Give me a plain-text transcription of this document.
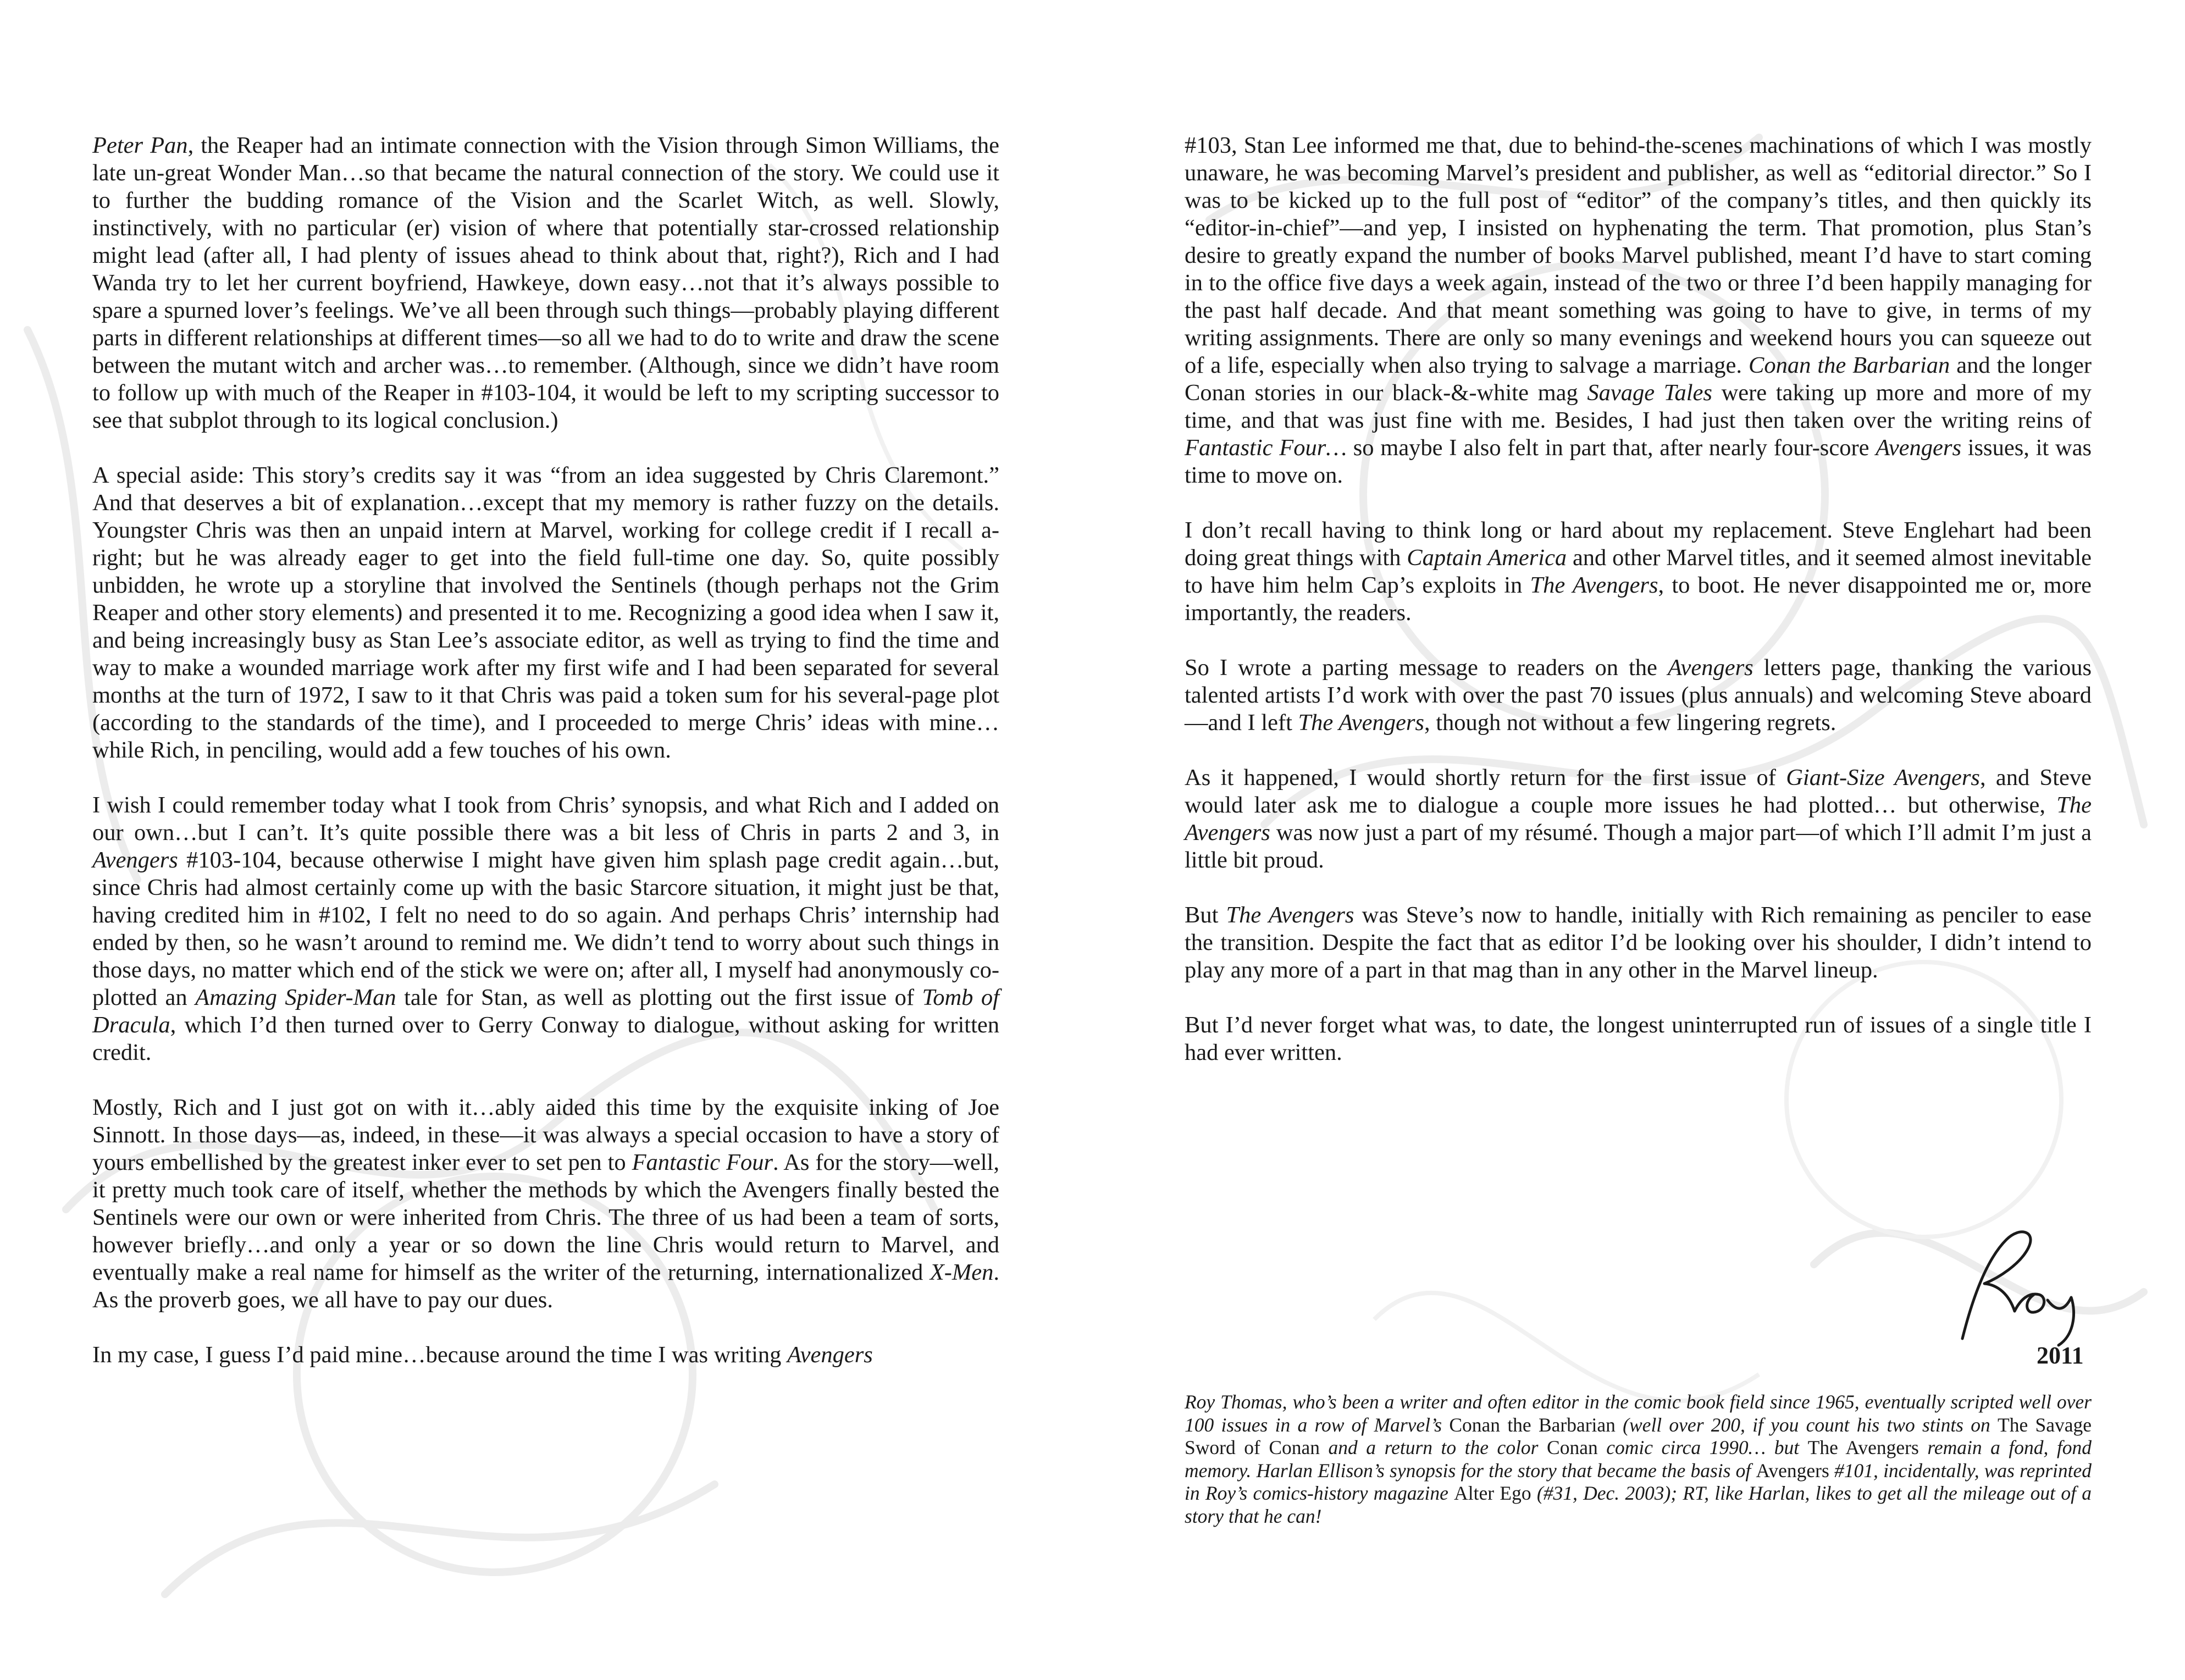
Peter Pan, the Reaper had an intimate connection with the Vision through Simon Williams, the late un-great Wonder Man…so that became the natural connection of the story. We could use it to further the budding romance of the Vision and the Scarlet Witch, as well. Slowly, instinctively, with no particular (er) vision of where that potentially star-crossed relationship might lead (after all, I had plenty of issues ahead to think about that, right?), Rich and I had Wanda try to let her current boyfriend, Hawkeye, down easy…not that it’s always possible to spare a spurned lover’s feelings. We’ve all been through such things—probably playing different parts in different relationships at different times—so all we had to do to write and draw the scene between the mutant witch and archer was…to remember. (Although, since we didn’t have room to follow up with much of the Reaper in #103-104, it would be left to my scripting successor to see that subplot through to its logical conclusion.)

A special aside: This story’s credits say it was “from an idea suggested by Chris Claremont.” And that deserves a bit of explanation…except that my memory is rather fuzzy on the details. Youngster Chris was then an unpaid intern at Marvel, working for college credit if I recall a-right; but he was already eager to get into the field full-time one day. So, quite possibly unbidden, he wrote up a storyline that involved the Sentinels (though perhaps not the Grim Reaper and other story elements) and presented it to me. Recognizing a good idea when I saw it, and being increasingly busy as Stan Lee’s associate editor, as well as trying to find the time and way to make a wounded marriage work after my first wife and I had been separated for several months at the turn of 1972, I saw to it that Chris was paid a token sum for his several-page plot (according to the standards of the time), and I proceeded to merge Chris’ ideas with mine…while Rich, in penciling, would add a few touches of his own.

I wish I could remember today what I took from Chris’ synopsis, and what Rich and I added on our own…but I can’t. It’s quite possible there was a bit less of Chris in parts 2 and 3, in Avengers #103-104, because otherwise I might have given him splash page credit again…but, since Chris had almost certainly come up with the basic Starcore situation, it might just be that, having credited him in #102, I felt no need to do so again. And perhaps Chris’ internship had ended by then, so he wasn’t around to remind me. We didn’t tend to worry about such things in those days, no matter which end of the stick we were on; after all, I myself had anonymously co-plotted an Amazing Spider-Man tale for Stan, as well as plotting out the first issue of Tomb of Dracula, which I’d then turned over to Gerry Conway to dialogue, without asking for written credit.

Mostly, Rich and I just got on with it…ably aided this time by the exquisite inking of Joe Sinnott. In those days—as, indeed, in these—it was always a special occasion to have a story of yours embellished by the greatest inker ever to set pen to Fantastic Four. As for the story—well, it pretty much took care of itself, whether the methods by which the Avengers finally bested the Sentinels were our own or were inherited from Chris. The three of us had been a team of sorts, however briefly…and only a year or so down the line Chris would return to Marvel, and eventually make a real name for himself as the writer of the returning, internationalized X-Men. As the proverb goes, we all have to pay our dues.

In my case, I guess I’d paid mine…because around the time I was writing Avengers

#103, Stan Lee informed me that, due to behind-the-scenes machinations of which I was mostly unaware, he was becoming Marvel’s president and publisher, as well as “editorial director.” So I was to be kicked up to the full post of “editor” of the company’s titles, and then quickly its “editor-in-chief”—and yep, I insisted on hyphenating the term. That promotion, plus Stan’s desire to greatly expand the number of books Marvel published, meant I’d have to start coming in to the office five days a week again, instead of the two or three I’d been happily managing for the past half decade. And that meant something was going to have to give, in terms of my writing assignments. There are only so many evenings and weekend hours you can squeeze out of a life, especially when also trying to salvage a marriage. Conan the Barbarian and the longer Conan stories in our black-&-white mag Savage Tales were taking up more and more of my time, and that was just fine with me. Besides, I had just then taken over the writing reins of Fantastic Four… so maybe I also felt in part that, after nearly four-score Avengers issues, it was time to move on.

I don’t recall having to think long or hard about my replacement. Steve Englehart had been doing great things with Captain America and other Marvel titles, and it seemed almost inevitable to have him helm Cap’s exploits in The Avengers, to boot. He never disappointed me or, more importantly, the readers.

So I wrote a parting message to readers on the Avengers letters page, thanking the various talented artists I’d work with over the past 70 issues (plus annuals) and welcoming Steve aboard—and I left The Avengers, though not without a few lingering regrets.

As it happened, I would shortly return for the first issue of Giant-Size Avengers, and Steve would later ask me to dialogue a couple more issues he had plotted… but otherwise, The Avengers was now just a part of my résumé. Though a major part—of which I’ll admit I’m just a little bit proud.

But The Avengers was Steve’s now to handle, initially with Rich remaining as penciler to ease the transition. Despite the fact that as editor I’d be looking over his shoulder, I didn’t intend to play any more of a part in that mag than in any other in the Marvel lineup.

But I’d never forget what was, to date, the longest uninterrupted run of issues of a single title I had ever written.

2011
Roy Thomas, who’s been a writer and often editor in the comic book field since 1965, eventually scripted well over 100 issues in a row of Marvel’s Conan the Barbarian (well over 200, if you count his two stints on The Savage Sword of Conan and a return to the color Conan comic circa 1990… but The Avengers remain a fond, fond memory. Harlan Ellison’s synopsis for the story that became the basis of Avengers #101, incidentally, was reprinted in Roy’s comics-history magazine Alter Ego (#31, Dec. 2003); RT, like Harlan, likes to get all the mileage out of a story that he can!
